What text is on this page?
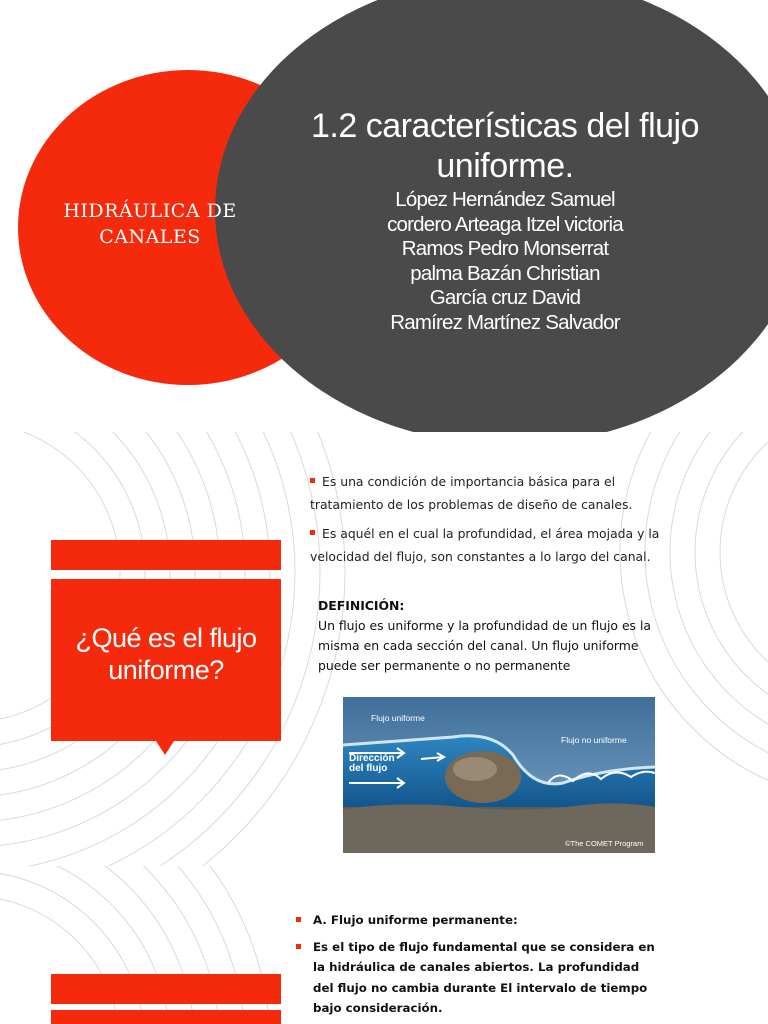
HIDRÁULICA DE CANALES
1.2 características del flujo uniforme.
López Hernández Samuel
cordero Arteaga Itzel victoria
Ramos Pedro Monserrat
palma Bazán Christian
García cruz David
Ramírez Martínez Salvador
¿Qué es el flujo uniforme?
Es una condición de importancia básica para el tratamiento de los problemas de diseño de canales.
Es aquél en el cual la profundidad, el área mojada y la velocidad del flujo, son constantes a lo largo del canal.
DEFINICIÓN:
Un flujo es uniforme y la profundidad de un flujo es la misma en cada sección del canal. Un flujo uniforme puede ser permanente o no permanente
Flujo uniforme
Flujo no uniforme
Dirección
del flujo
©The COMET Program
A. Flujo uniforme permanente:
Es el tipo de flujo fundamental que se considera en la hidráulica de canales abiertos. La profundidad del flujo no cambia durante El intervalo de tiempo bajo consideración.
